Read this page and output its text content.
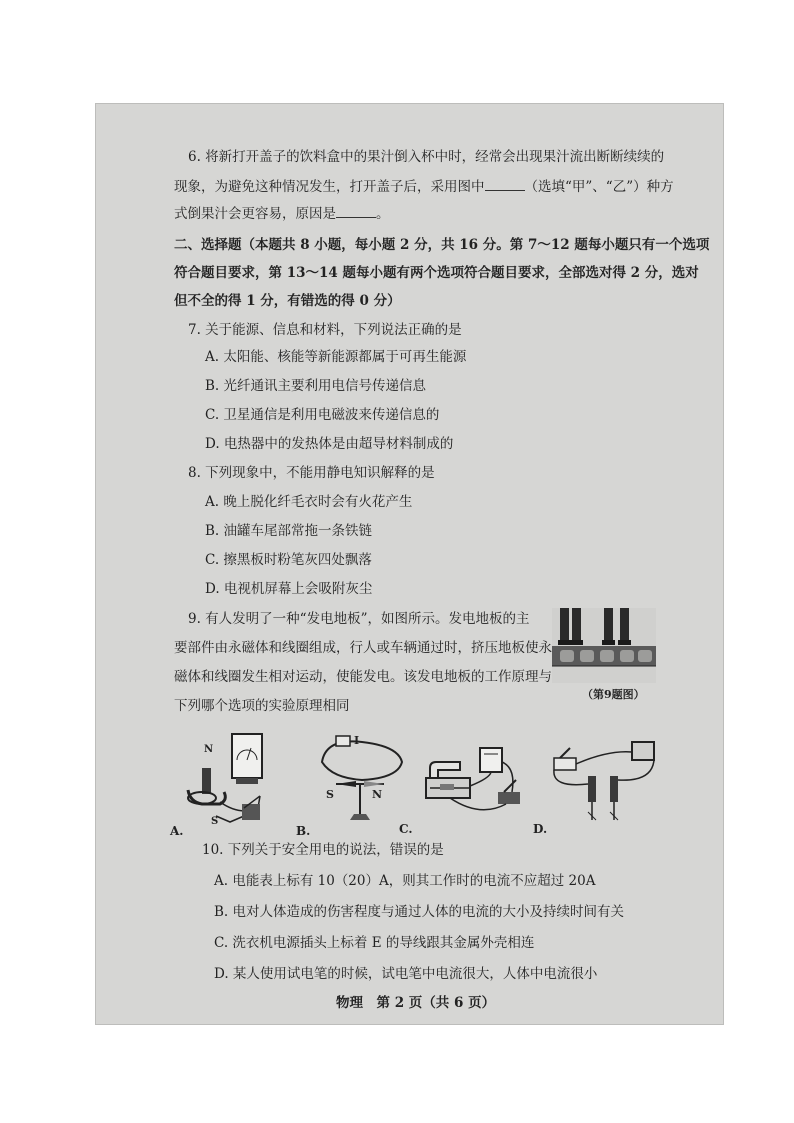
6. 将新打开盖子的饮料盒中的果汁倒入杯中时，经常会出现果汁流出断断续续的
现象，为避免这种情况发生，打开盖子后，采用图中	（选填“甲”、“乙”）种方
式倒果汁会更容易，原因是	。
二、选择题（本题共 8 小题，每小题 2 分，共 16 分。第 7～12 题每小题只有一个选项
符合题目要求，第 13～14 题每小题有两个选项符合题目要求，全部选对得 2 分，选对
但不全的得 1 分，有错选的得 0 分）
7. 关于能源、信息和材料，下列说法正确的是
A. 太阳能、核能等新能源都属于可再生能源
B. 光纤通讯主要利用电信号传递信息
C. 卫星通信是利用电磁波来传递信息的
D. 电热器中的发热体是由超导材料制成的
8. 下列现象中，不能用静电知识解释的是
A. 晚上脱化纤毛衣时会有火花产生
B. 油罐车尾部常拖一条铁链
C. 擦黑板时粉笔灰四处飘落
D. 电视机屏幕上会吸附灰尘
9. 有人发明了一种“发电地板”，如图所示。发电地板的主
要部件由永磁体和线圈组成，行人或车辆通过时，挤压地板使永
磁体和线圈发生相对运动，使能发电。该发电地板的工作原理与
下列哪个选项的实验原理相同
（第9题图）
N
S
A.
I
S	N
B.	C.	D.
10. 下列关于安全用电的说法，错误的是
A. 电能表上标有 10（20）A，则其工作时的电流不应超过 20A
B. 电对人体造成的伤害程度与通过人体的电流的大小及持续时间有关
C. 洗衣机电源插头上标着 E 的导线跟其金属外壳相连
D. 某人使用试电笔的时候，试电笔中电流很大，人体中电流很小
物理　第 2 页（共 6 页）
